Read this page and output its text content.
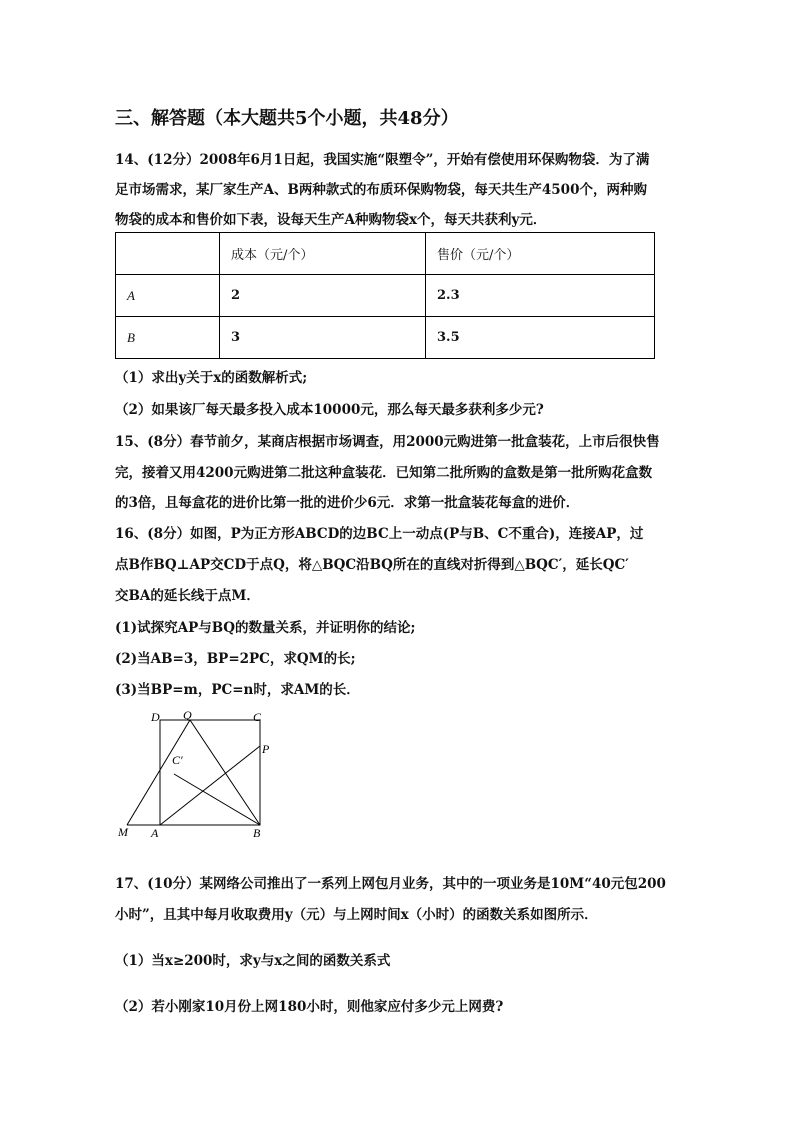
三、解答题（本大题共5个小题，共48分）
14、(12分）2008年6月1日起，我国实施“限塑令”，开始有偿使用环保购物袋．为了满
足市场需求，某厂家生产A、B两种款式的布质环保购物袋，每天共生产4500个，两种购
物袋的成本和售价如下表，设每天生产A种购物袋x个，每天共获利y元．
	成本（元/个）	售价（元/个）
A	2	2.3
B	3	3.5
（1）求出y关于x的函数解析式;
（2）如果该厂每天最多投入成本10000元，那么每天最多获利多少元?
15、(8分）春节前夕，某商店根据市场调查，用2000元购进第一批盒装花，上市后很快售
完，接着又用4200元购进第二批这种盒装花．已知第二批所购的盒数是第一批所购花盒数
的3倍，且每盒花的进价比第一批的进价少6元．求第一批盒装花每盒的进价．
16、(8分）如图，P为正方形ABCD的边BC上一动点(P与B、C不重合)，连接AP，过
点B作BQ⊥AP交CD于点Q，将△BQC沿BQ所在的直线对折得到△BQC′，延长QC′
交BA的延长线于点M．
(1)试探究AP与BQ的数量关系，并证明你的结论;
(2)当AB=3，BP=2PC，求QM的长;
(3)当BP=m，PC=n时，求AM的长．
D Q	C
P
C′
M A	B
17、(10分）某网络公司推出了一系列上网包月业务，其中的一项业务是10M“40元包200
小时”，且其中每月收取费用y（元）与上网时间x（小时）的函数关系如图所示．
（1）当x≥200时，求y与x之间的函数关系式
（2）若小刚家10月份上网180小时，则他家应付多少元上网费?
